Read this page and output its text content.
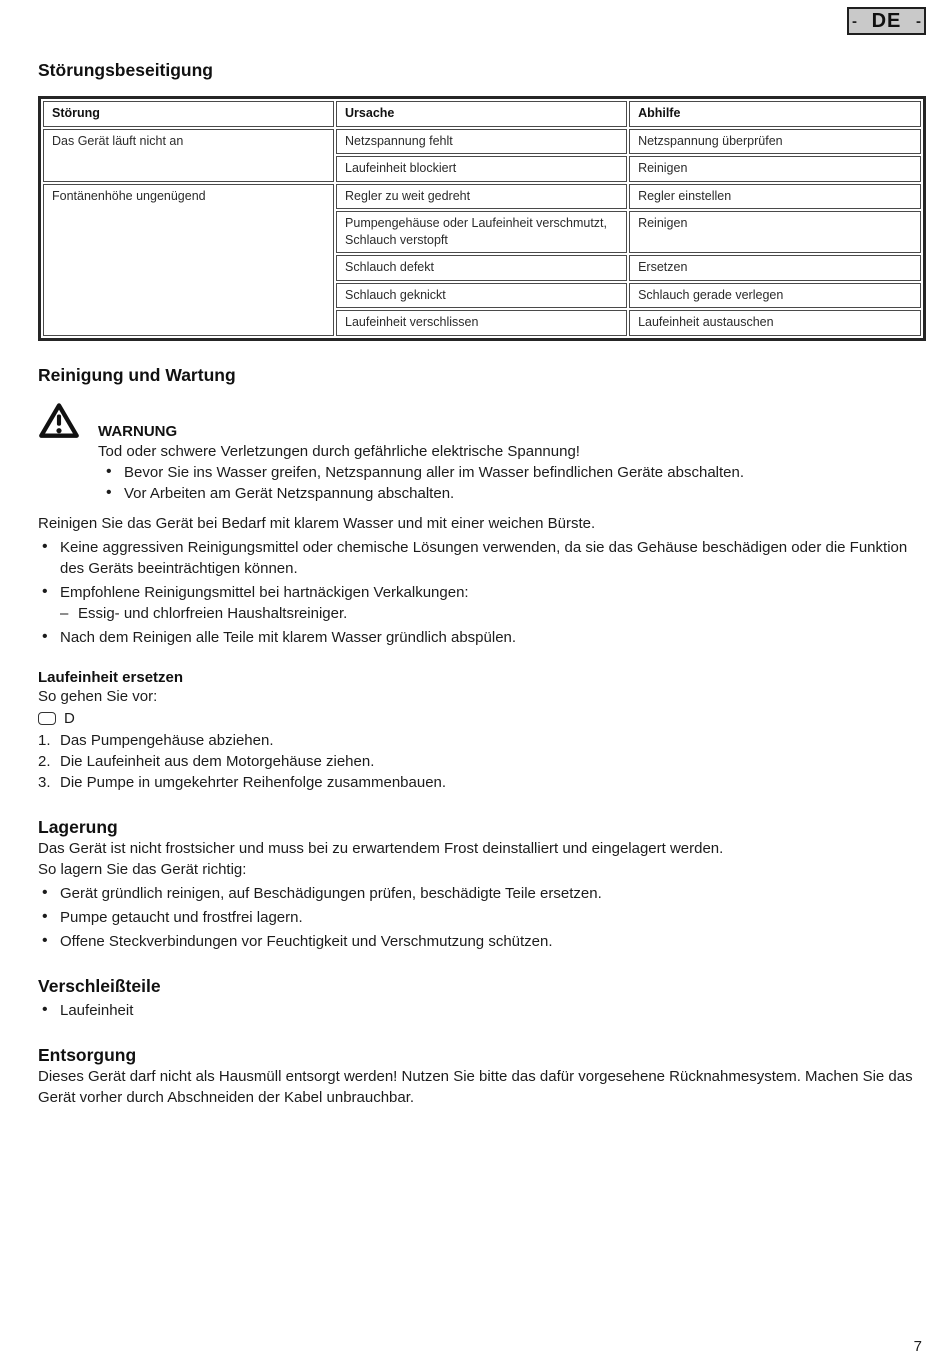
- DE -
Störungsbeseitigung
Störung	Ursache	Abhilfe
Das Gerät läuft nicht an	Netzspannung fehlt	Netzspannung überprüfen
	Laufeinheit blockiert	Reinigen
Fontänenhöhe ungenügend	Regler zu weit gedreht	Regler einstellen
	Pumpengehäuse oder Laufeinheit verschmutzt, Schlauch verstopft	Reinigen
	Schlauch defekt	Ersetzen
	Schlauch geknickt	Schlauch gerade verlegen
	Laufeinheit verschlissen	Laufeinheit austauschen
Reinigung und Wartung
WARNUNG
Tod oder schwere Verletzungen durch gefährliche elektrische Spannung!
• Bevor Sie ins Wasser greifen, Netzspannung aller im Wasser befindlichen Geräte abschalten.
• Vor Arbeiten am Gerät Netzspannung abschalten.

Reinigen Sie das Gerät bei Bedarf mit klarem Wasser und mit einer weichen Bürste.

• Keine aggressiven Reinigungsmittel oder chemische Lösungen verwenden, da sie das Gehäuse beschädigen oder die Funktion des Geräts beeinträchtigen können.
• Empfohlene Reinigungsmittel bei hartnäckigen Verkalkungen:
– Essig- und chlorfreien Haushaltsreiniger.
• Nach dem Reinigen alle Teile mit klarem Wasser gründlich abspülen.
Laufeinheit ersetzen

So gehen Sie vor:

D
Das Pumpengehäuse abziehen.
Die Laufeinheit aus dem Motorgehäuse ziehen.
Die Pumpe in umgekehrter Reihenfolge zusammenbauen.
Lagerung

Das Gerät ist nicht frostsicher und muss bei zu erwartendem Frost deinstalliert und eingelagert werden.

So lagern Sie das Gerät richtig:

• Gerät gründlich reinigen, auf Beschädigungen prüfen, beschädigte Teile ersetzen.
• Pumpe getaucht und frostfrei lagern.
• Offene Steckverbindungen vor Feuchtigkeit und Verschmutzung schützen.
Verschleißteile
• Laufeinheit
Entsorgung

Dieses Gerät darf nicht als Hausmüll entsorgt werden! Nutzen Sie bitte das dafür vorgesehene Rücknahmesystem. Machen Sie das Gerät vorher durch Abschneiden der Kabel unbrauchbar.

7
